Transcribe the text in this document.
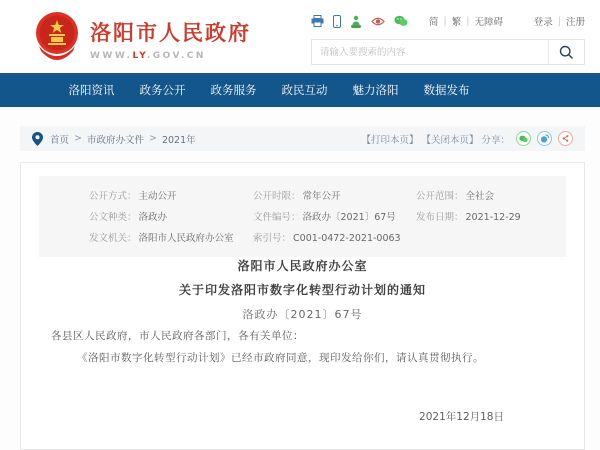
洛阳市人民政府
WWW.LY.GOV.CN
简 | 繁 | 无障碍	登录 | 注册
请输入要搜索的内容
洛阳资讯	政务公开	政务服务	政民互动	魅力洛阳	数据发布
首页 > 市政府办文件 > 2021年	【打印本页】 【关闭本页】 分享：
公开方式： 主动公开	公开时限： 常年公开	公开范围： 全社会
公文种类： 洛政办	文件编号： 洛政办〔2021〕67号	发布日期： 2021-12-29
发文机关： 洛阳市人民政府办公室	索引号： C001-0472-2021-0063
洛阳市人民政府办公室
关于印发洛阳市数字化转型行动计划的通知
洛政办〔2021〕67号
各县区人民政府，市人民政府各部门，各有关单位：
《洛阳市数字化转型行动计划》已经市政府同意，现印发给你们，请认真贯彻执行。
2021年12月18日
